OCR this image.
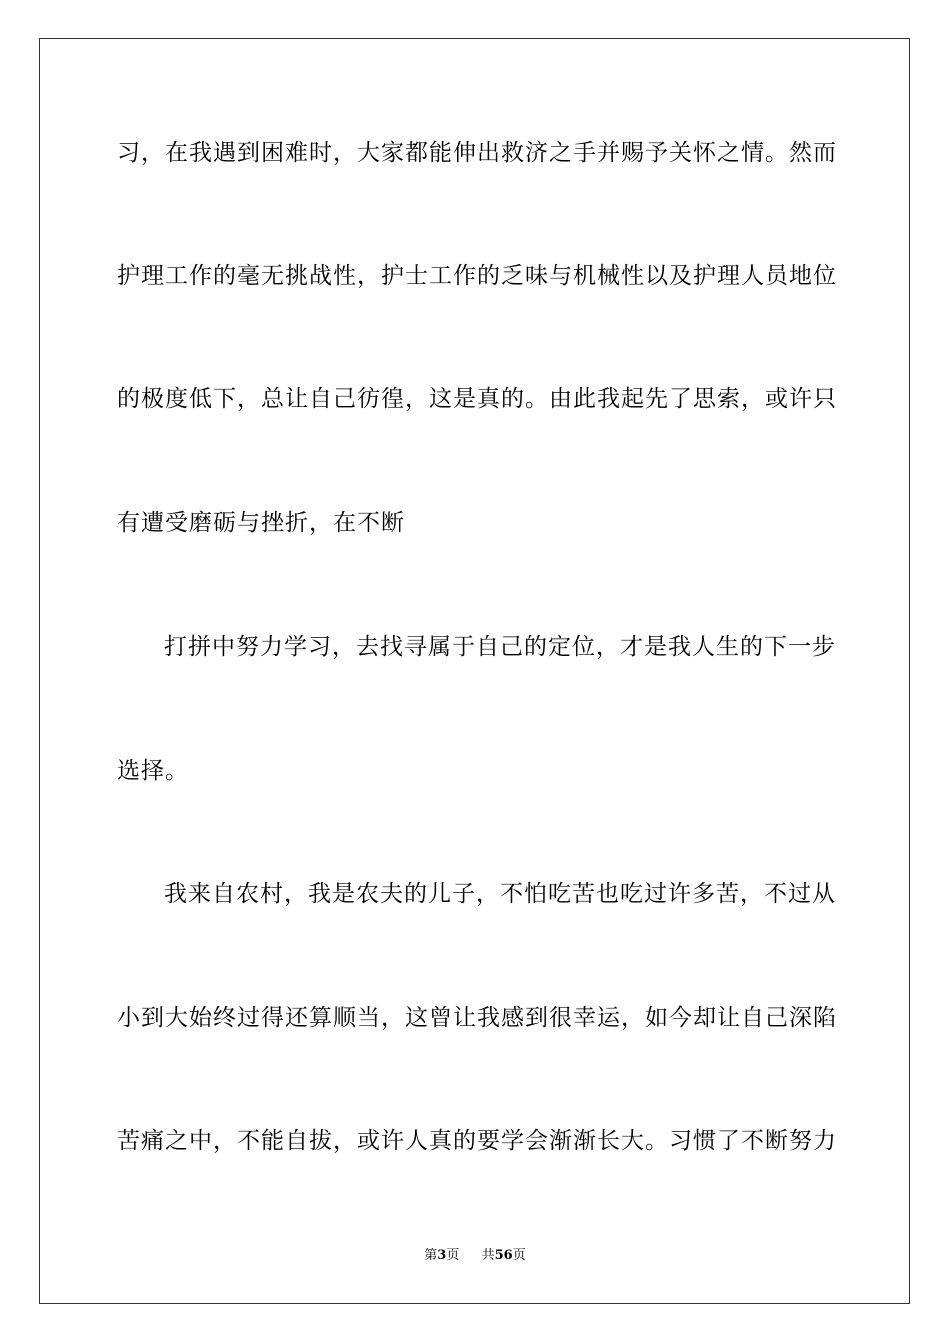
习，在我遇到困难时，大家都能伸出救济之手并赐予关怀之情。然而
护理工作的毫无挑战性，护士工作的乏味与机械性以及护理人员地位
的极度低下，总让自己彷徨，这是真的。由此我起先了思索，或许只
有遭受磨砺与挫折，在不断
打拼中努力学习，去找寻属于自己的定位，才是我人生的下一步
选择。
我来自农村，我是农夫的儿子，不怕吃苦也吃过许多苦，不过从
小到大始终过得还算顺当，这曾让我感到很幸运，如今却让自己深陷
苦痛之中，不能自拔，或许人真的要学会渐渐长大。习惯了不断努力
第3页 共56页
